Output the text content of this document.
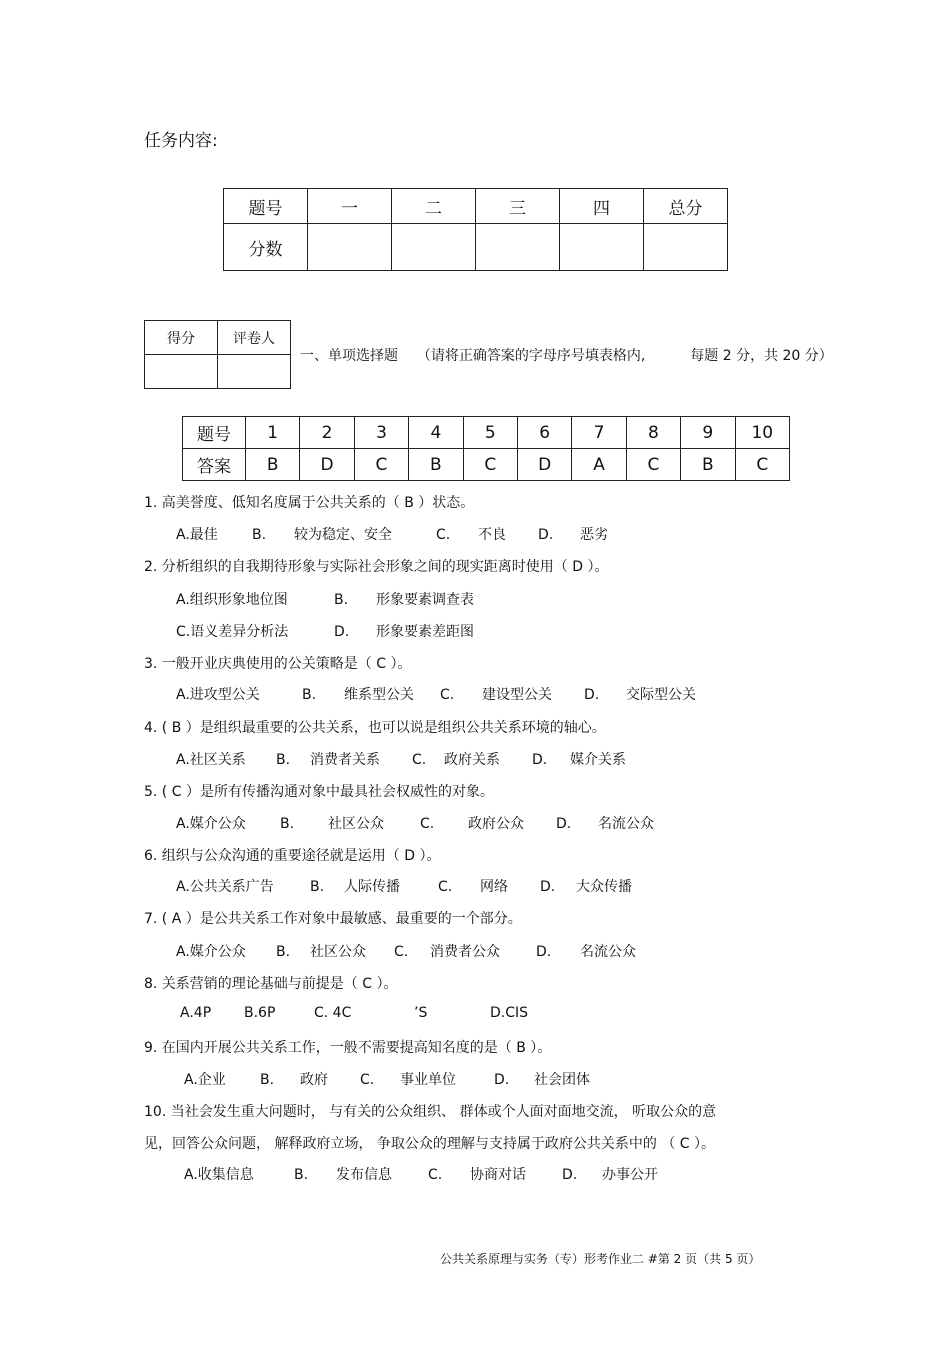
任务内容:
题号	一	二	三	四	总分
分数					
得分	评卷人

一、单项选择题 （请将正确答案的字母序号填表格内,	每题 2 分，共 20 分）
题号	1	2	3	4	5	6	7	8	9	10
答案	B	D	C	B	C	D	A	C	B	C
1. 高美誉度、低知名度属于公共关系的（ B ）状态。
A.最佳 B. 较为稳定、安全	C. 不良 D. 恶劣
2. 分析组织的自我期待形象与实际社会形象之间的现实距离时使用（ D ）。
A.组织形象地位图	B. 形象要素调查表
C.语义差异分析法	D. 形象要素差距图
3. 一般开业庆典使用的公关策略是（ C ）。
A.进攻型公关	B. 维系型公关 C. 建设型公关 D. 交际型公关
4. ( B ）是组织最重要的公共关系，也可以说是组织公共关系环境的轴心。
A.社区关系 B. 消费者关系 C. 政府关系 D. 媒介关系
5. ( C ）是所有传播沟通对象中最具社会权威性的对象。
A.媒介公众 B. 社区公众	C. 政府公众 D. 名流公众
6. 组织与公众沟通的重要途径就是运用（ D ）。
A.公共关系广告	B. 人际传播	C. 网络 D. 大众传播
7. ( A ）是公共关系工作对象中最敏感、最重要的一个部分。
A.媒介公众 B. 社区公众 C. 消费者公众	D. 名流公众
8. 关系营销的理论基础与前提是（ C ）。
A.4P B.6P	C. 4C	’S	D.CIS
9. 在国内开展公共关系工作，一般不需要提高知名度的是（ B ）。
A.企业 B. 政府 C. 事业单位	D. 社会团体
10. 当社会发生重大问题时， 与有关的公众组织、 群体或个人面对面地交流， 听取公众的意
见，回答公众问题， 解释政府立场， 争取公众的理解与支持属于政府公共关系中的 （ C ）。
A.收集信息	B. 发布信息	C. 协商对话	D. 办事公开
公共关系原理与实务（专）形考作业二 #第 2 页（共 5 页）
